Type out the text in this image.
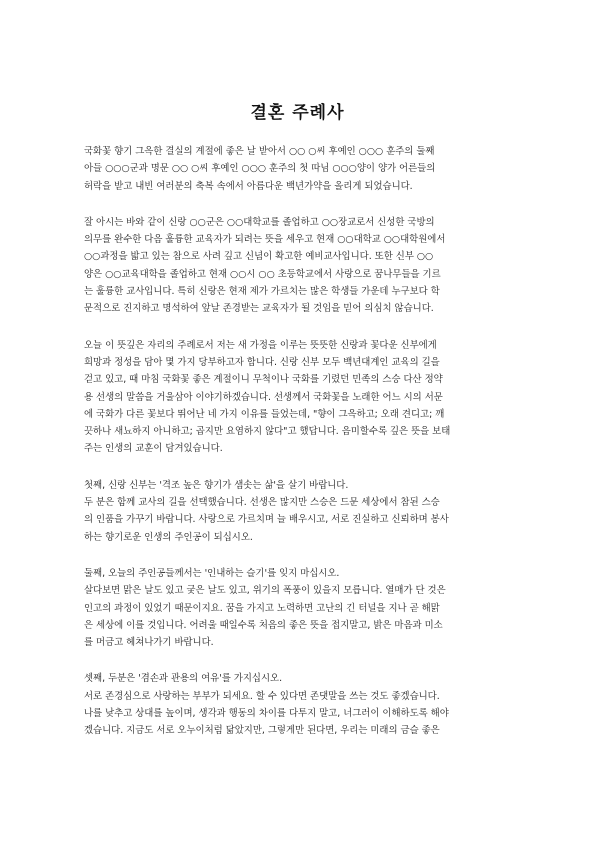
결혼 주례사
국화꽃 향기 그윽한 결실의 계절에 좋은 날 받아서 ○○ ○씨 후예인 ○○○ 훈주의 둘째
아들 ○○○군과 명문 ○○ ○씨 후예인 ○○○ 훈주의 첫 따님 ○○○양이 양가 어른들의
허락을 받고 내빈 여러분의 축복 속에서 아름다운 백년가약을 올리게 되었습니다.
잘 아시는 바와 같이 신랑 ○○군은 ○○대학교를 졸업하고 ○○장교로서 신성한 국방의
의무를 완수한 다음 훌륭한 교육자가 되려는 뜻을 세우고 현재 ○○대학교 ○○대학원에서
○○과정을 밟고 있는 참으로 사려 깊고 신념이 확고한 예비교사입니다. 또한 신부 ○○
양은 ○○교육대학을 졸업하고 현재 ○○시 ○○ 초등학교에서 사랑으로 꿈나무들을 기르
는 훌륭한 교사입니다. 특히 신랑은 현재 제가 가르치는 많은 학생들 가운데 누구보다 학
문적으로 진지하고 명석하여 앞날 존경받는 교육자가 될 것임을 믿어 의심치 않습니다.
오늘 이 뜻깊은 자리의 주례로서 저는 새 가정을 이루는 뜻뜻한 신랑과 꽃다운 신부에게
희망과 정성을 담아 몇 가지 당부하고자 합니다. 신랑 신부 모두 백년대계인 교육의 길을
걷고 있고, 때 마침 국화꽃 좋은 계절이니 무척이나 국화를 기렸던 민족의 스승 다산 정약
용 선생의 말씀을 거울삼아 이야기하겠습니다. 선생께서 국화꽃을 노래한 어느 시의 서문
에 국화가 다른 꽃보다 뛰어난 네 가지 이유를 들었는데, "향이 그윽하고; 오래 견디고; 깨
끗하나 새뇨하지 아니하고; 곱지만 요염하지 않다"고 했답니다. 음미할수록 깊은 뜻을 보태
주는 인생의 교훈이 담겨있습니다.
첫째, 신랑 신부는 '격조 높은 향기가 샘솟는 삶'을 살기 바랍니다.
두 분은 함께 교사의 길을 선택했습니다. 선생은 많지만 스승은 드문 세상에서 참된 스승
의 인품을 가꾸기 바랍니다. 사랑으로 가르치며 늘 배우시고, 서로 진실하고 신뢰하며 봉사
하는 향기로운 인생의 주인공이 되십시오.
둘째, 오늘의 주인공들께서는 '인내하는 슬기'를 잊지 마십시오.
살다보면 맑은 날도 있고 궂은 날도 있고, 위기의 폭풍이 있을지 모릅니다. 열매가 단 것은
인고의 과정이 있었기 때문이지요. 꿈을 가지고 노력하면 고난의 긴 터널을 지나 곧 해맑
은 세상에 이를 것입니다. 어려울 때일수록 처음의 좋은 뜻을 접지말고, 밝은 마음과 미소
를 머금고 헤쳐나가기 바랍니다.
셋째, 두분은 '겸손과 관용의 여유'를 가지십시오.
서로 존경심으로 사랑하는 부부가 되세요. 할 수 있다면 존댓말을 쓰는 것도 좋겠습니다.
나를 낮추고 상대를 높이며, 생각과 행동의 차이를 다투지 말고, 너그러이 이해하도록 해야
겠습니다. 지금도 서로 오누이처럼 닮았지만, 그렇게만 된다면, 우리는 미래의 금슬 좋은
